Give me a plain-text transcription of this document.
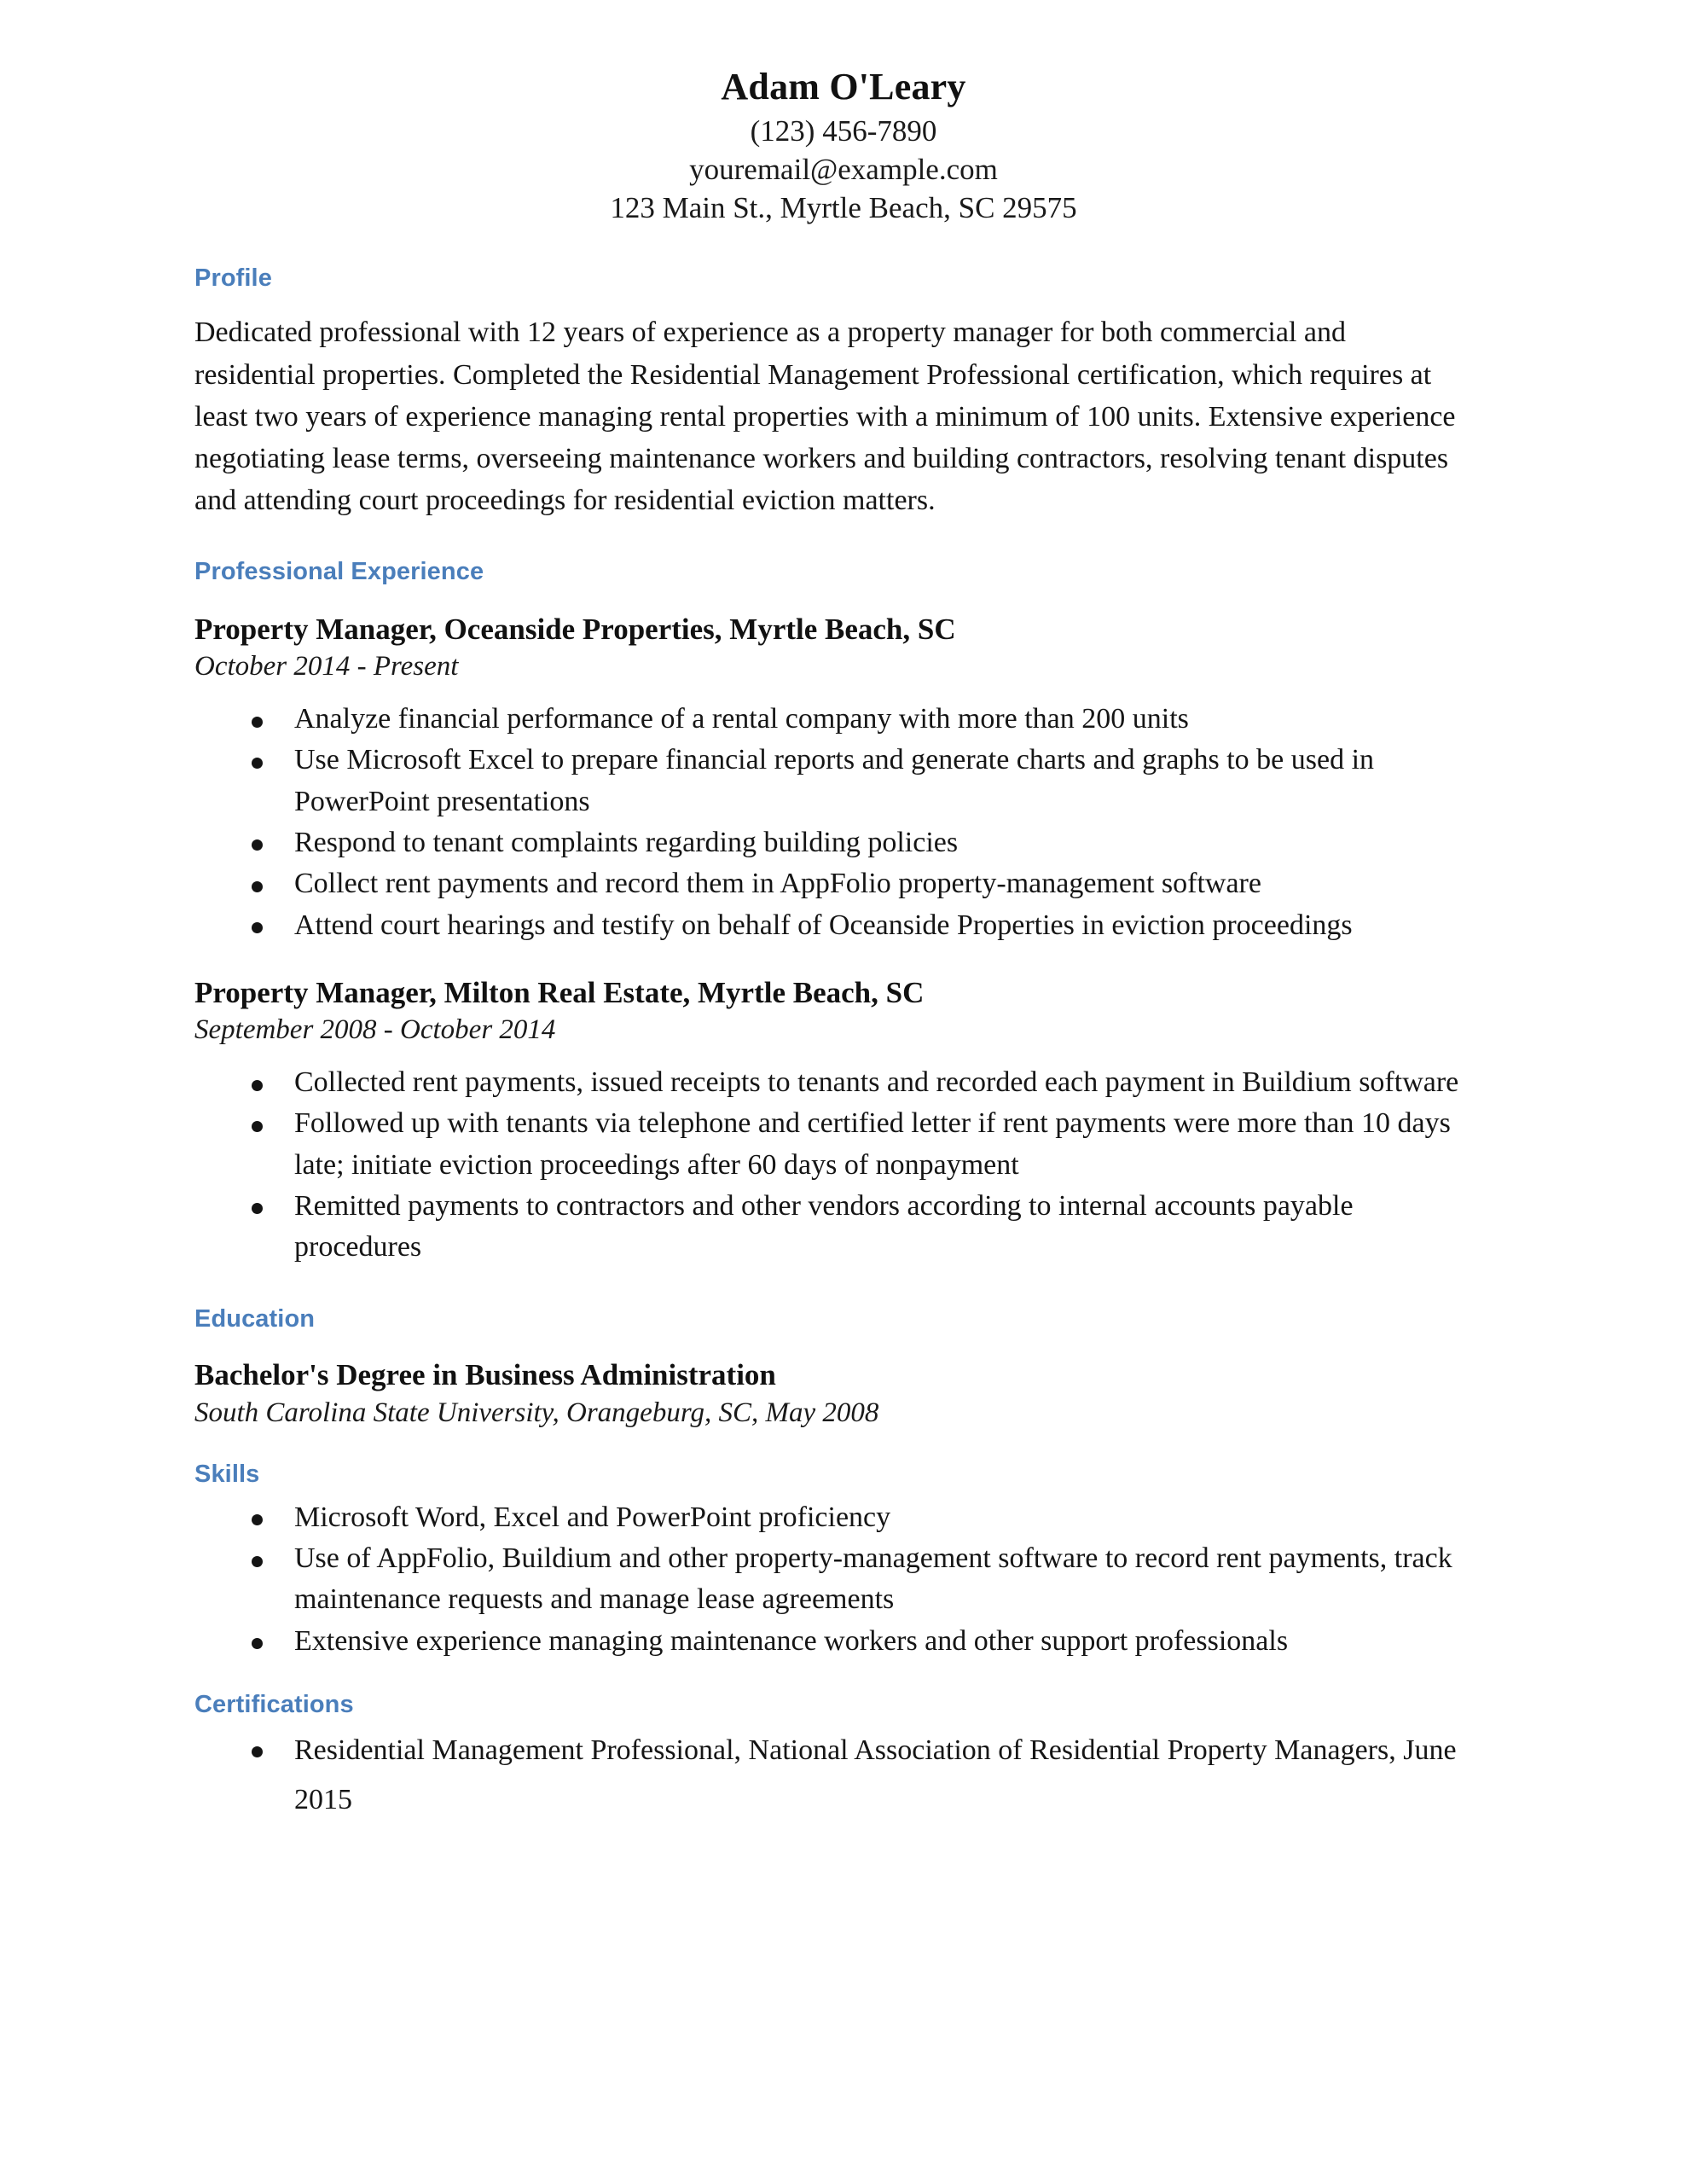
Adam O'Leary

(123) 456-7890

youremail@example.com

123 Main St., Myrtle Beach, SC 29575

Profile

Dedicated professional with 12 years of experience as a property manager for both commercial and residential properties. Completed the Residential Management Professional certification, which requires at least two years of experience managing rental properties with a minimum of 100 units. Extensive experience negotiating lease terms, overseeing maintenance workers and building contractors, resolving tenant disputes and attending court proceedings for residential eviction matters.

Professional Experience

Property Manager, Oceanside Properties, Myrtle Beach, SC

October 2014 - Present

Analyze financial performance of a rental company with more than 200 units
Use Microsoft Excel to prepare financial reports and generate charts and graphs to be used in PowerPoint presentations
Respond to tenant complaints regarding building policies
Collect rent payments and record them in AppFolio property-management software
Attend court hearings and testify on behalf of Oceanside Properties in eviction proceedings

Property Manager, Milton Real Estate, Myrtle Beach, SC

September 2008 - October 2014

Collected rent payments, issued receipts to tenants and recorded each payment in Buildium software
Followed up with tenants via telephone and certified letter if rent payments were more than 10 days late; initiate eviction proceedings after 60 days of nonpayment
Remitted payments to contractors and other vendors according to internal accounts payable procedures
Education

Bachelor's Degree in Business Administration

South Carolina State University, Orangeburg, SC, May 2008

Skills
Microsoft Word, Excel and PowerPoint proficiency
Use of AppFolio, Buildium and other property-management software to record rent payments, track maintenance requests and manage lease agreements
Extensive experience managing maintenance workers and other support professionals
Certifications
Residential Management Professional, National Association of Residential Property Managers, June 2015
